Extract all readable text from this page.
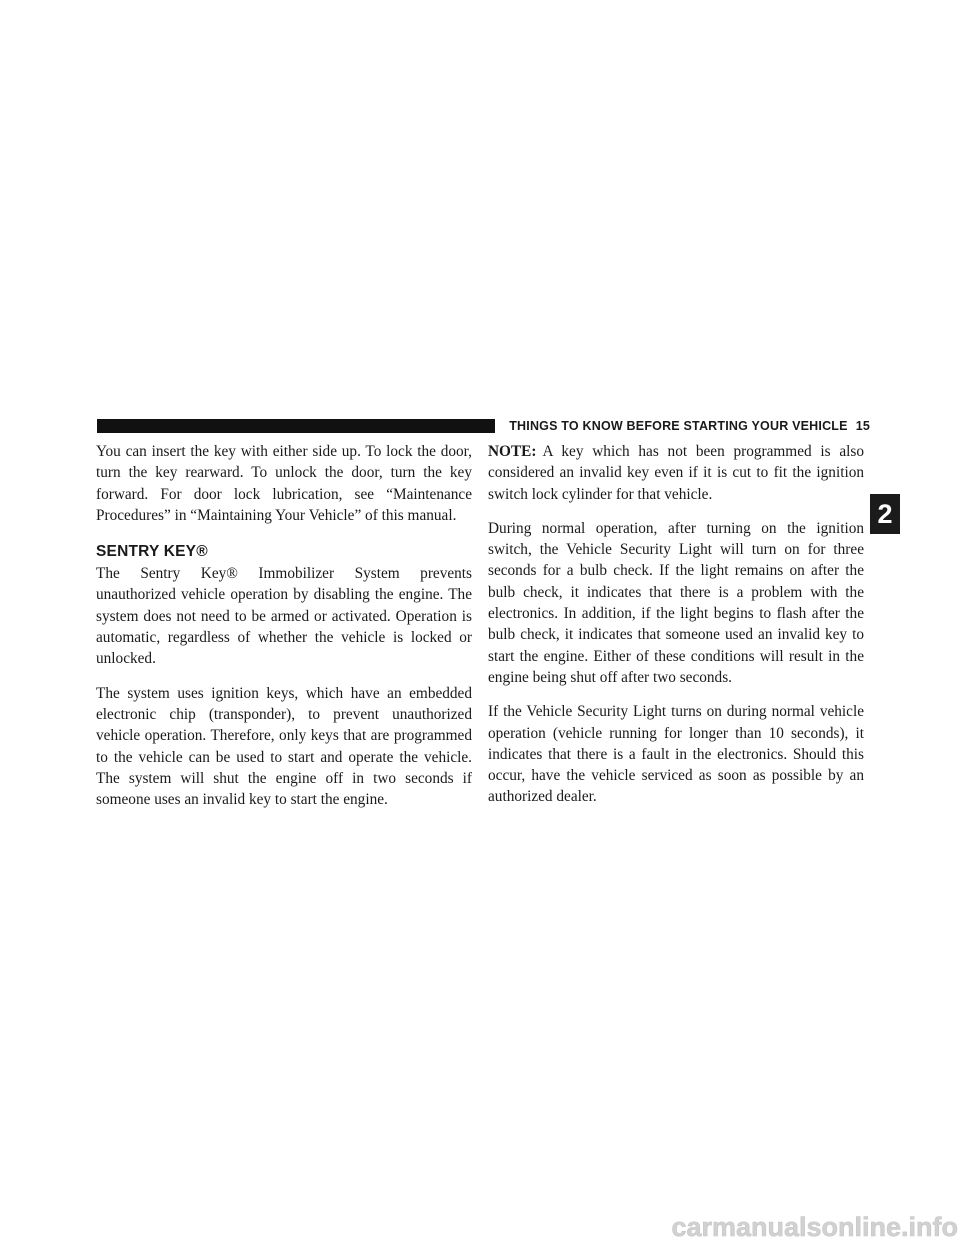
THINGS TO KNOW BEFORE STARTING YOUR VEHICLE 15
2

You can insert the key with either side up. To lock the door, turn the key rearward. To unlock the door, turn the key forward. For door lock lubrication, see “Maintenance Procedures” in “Maintaining Your Vehicle” of this manual.

SENTRY KEY®

The Sentry Key® Immobilizer System prevents unauthorized vehicle operation by disabling the engine. The system does not need to be armed or activated. Operation is automatic, regardless of whether the vehicle is locked or unlocked.

The system uses ignition keys, which have an embedded electronic chip (transponder), to prevent unauthorized vehicle operation. Therefore, only keys that are programmed to the vehicle can be used to start and operate the vehicle. The system will shut the engine off in two seconds if someone uses an invalid key to start the engine.

NOTE: A key which has not been programmed is also considered an invalid key even if it is cut to fit the ignition switch lock cylinder for that vehicle.

During normal operation, after turning on the ignition switch, the Vehicle Security Light will turn on for three seconds for a bulb check. If the light remains on after the bulb check, it indicates that there is a problem with the electronics. In addition, if the light begins to flash after the bulb check, it indicates that someone used an invalid key to start the engine. Either of these conditions will result in the engine being shut off after two seconds.

If the Vehicle Security Light turns on during normal vehicle operation (vehicle running for longer than 10 seconds), it indicates that there is a fault in the electronics. Should this occur, have the vehicle serviced as soon as possible by an authorized dealer.

carmanualsonline.info
